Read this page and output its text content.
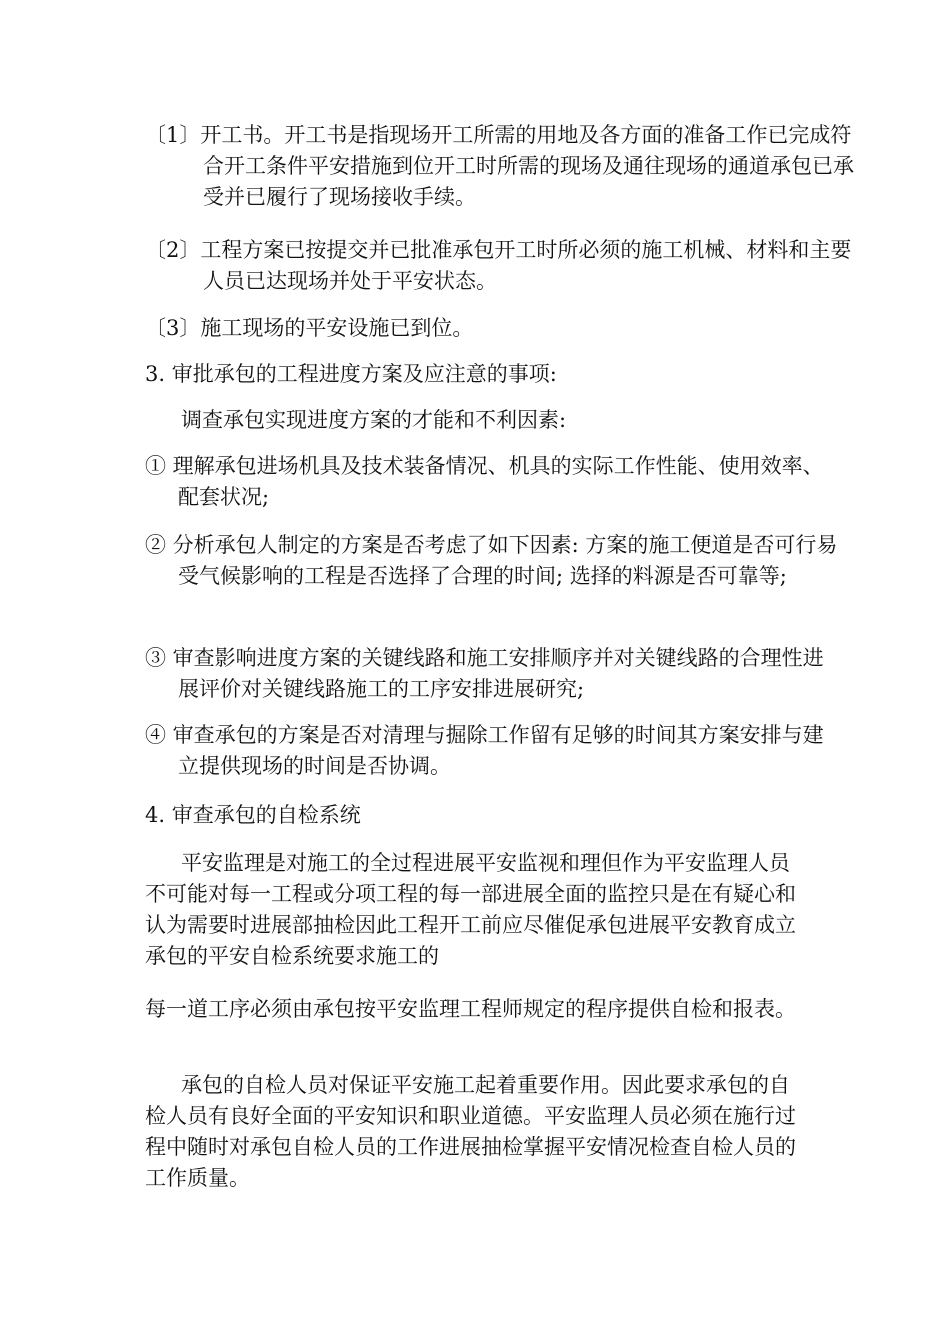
〔1〕开工书。开工书是指现场开工所需的用地及各方面的准备工作已完成符合开工条件平安措施到位开工时所需的现场及通往现场的通道承包已承受并已履行了现场接收手续。

〔2〕工程方案已按提交并已批准承包开工时所必须的施工机械、材料和主要人员已达现场并处于平安状态。

〔3〕施工现场的平安设施已到位。

3. 审批承包的工程进度方案及应注意的事项:

调查承包实现进度方案的才能和不利因素:

① 理解承包进场机具及技术装备情况、机具的实际工作性能、使用效率、配套状况;

② 分析承包人制定的方案是否考虑了如下因素: 方案的施工便道是否可行易受气候影响的工程是否选择了合理的时间; 选择的料源是否可靠等;

③ 审查影响进度方案的关键线路和施工安排顺序并对关键线路的合理性进展评价对关键线路施工的工序安排进展研究;

④ 审查承包的方案是否对清理与掘除工作留有足够的时间其方案安排与建立提供现场的时间是否协调。

4. 审查承包的自检系统

平安监理是对施工的全过程进展平安监视和理但作为平安监理人员不可能对每一工程或分项工程的每一部进展全面的监控只是在有疑心和认为需要时进展部抽检因此工程开工前应尽催促承包进展平安教育成立承包的平安自检系统要求施工的

每一道工序必须由承包按平安监理工程师规定的程序提供自检和报表。

承包的自检人员对保证平安施工起着重要作用。因此要求承包的自检人员有良好全面的平安知识和职业道德。平安监理人员必须在施行过程中随时对承包自检人员的工作进展抽检掌握平安情况检查自检人员的工作质量。
